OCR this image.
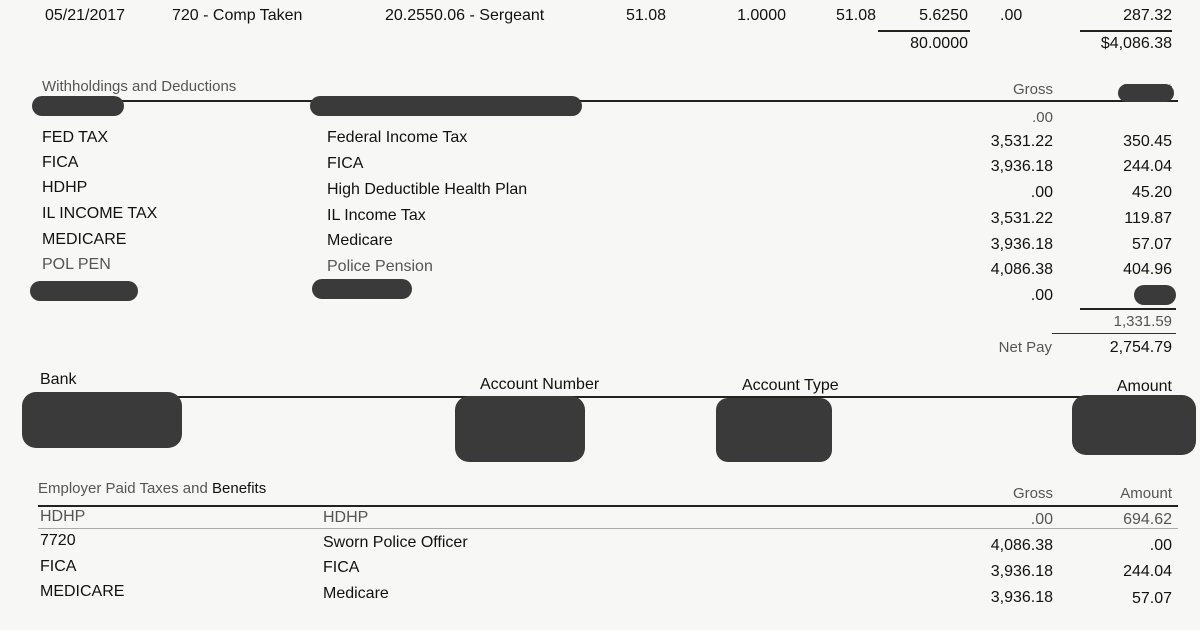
05/21/2017	720 - Comp Taken	20.2550.06 - Sergeant	51.08	1.0000	51.08	5.6250 .00	287.32
80.0000	$4,086.38
Withholdings and Deductions	Gross
.00
FED TAX	Federal Income Tax	3,531.22	350.45
FICA	FICA	3,936.18	244.04
HDHP	High Deductible Health Plan	.00	45.20
IL INCOME TAX	IL Income Tax	3,531.22	119.87
MEDICARE	Medicare	3,936.18	57.07
POL PEN	Police Pension	4,086.38	404.96
.00
1,331.59
Net Pay	2,754.79
Bank	Account Number	Account Type	Amount
Employer Paid Taxes and Benefits	Gross	Amount
HDHP	HDHP	.00	694.62
7720	Sworn Police Officer	4,086.38	.00
FICA	FICA	3,936.18	244.04
MEDICARE	Medicare	3,936.18	57.07
